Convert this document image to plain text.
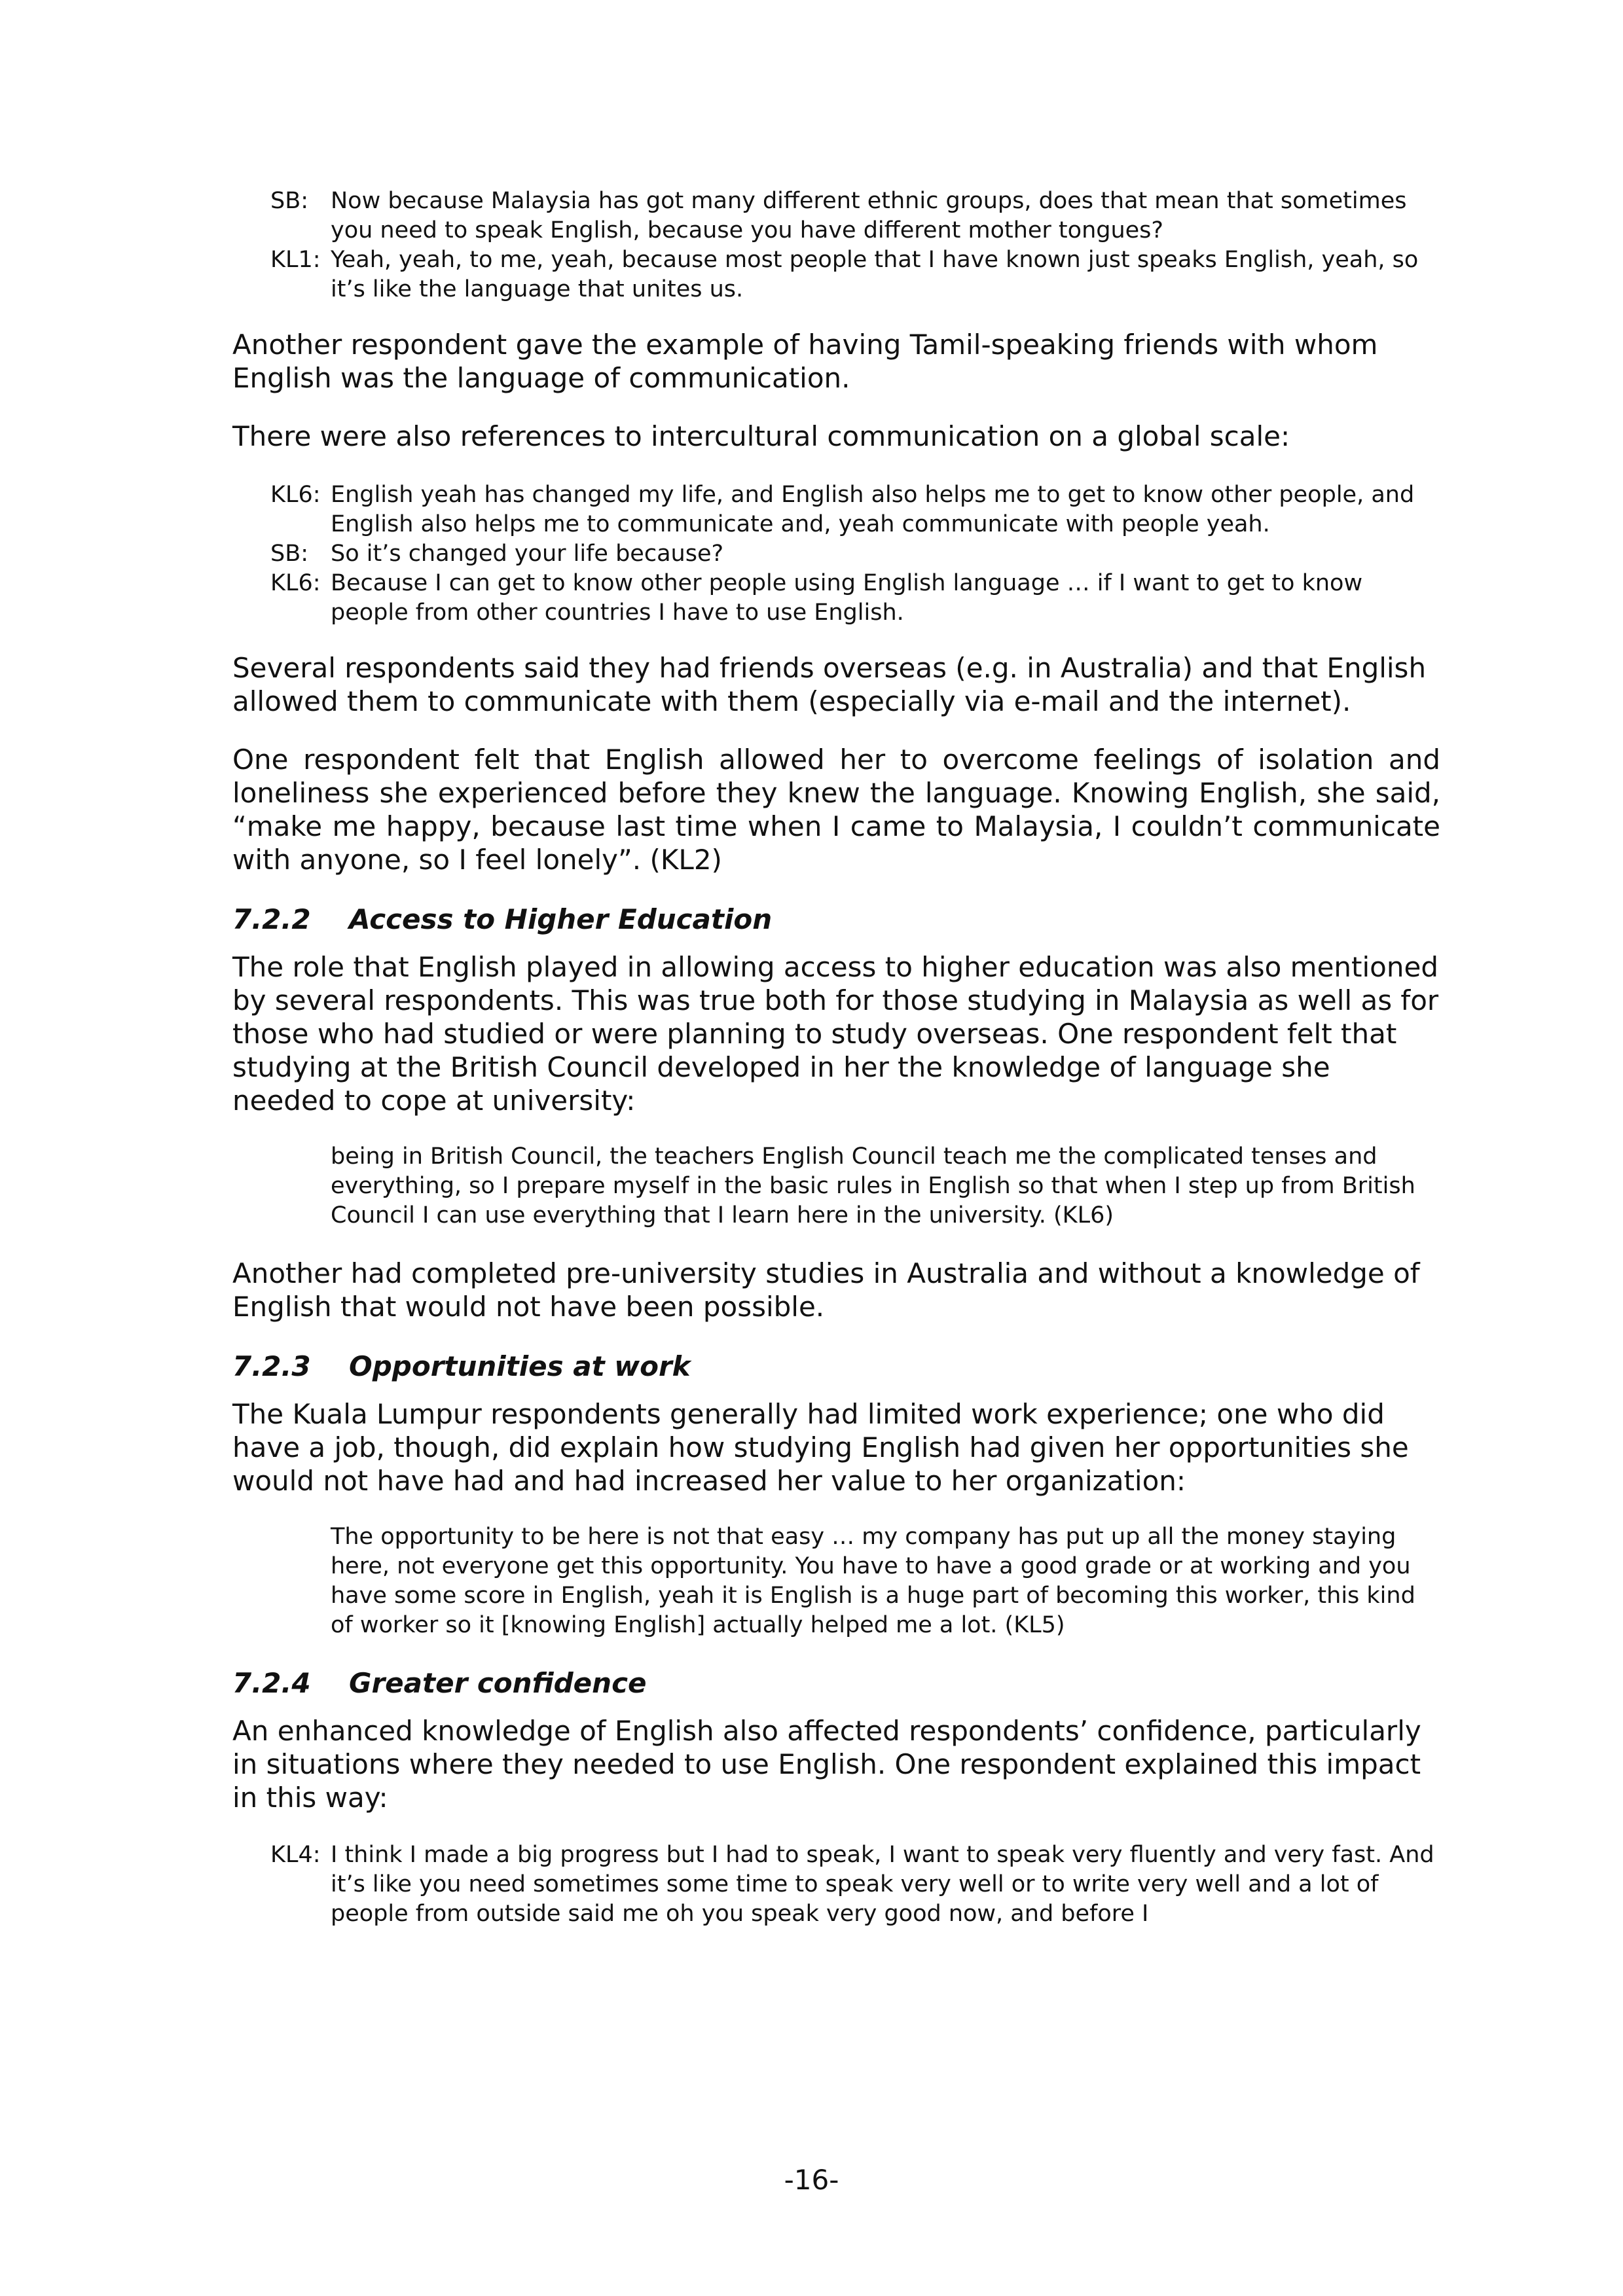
SB: Now because Malaysia has got many different ethnic groups, does that mean that sometimes you need to speak English, because you have different mother tongues?
KL1: Yeah, yeah, to me, yeah, because most people that I have known just speaks English, yeah, so it’s like the language that unites us.

Another respondent gave the example of having Tamil-speaking friends with whom English was the language of communication.

There were also references to intercultural communication on a global scale:

KL6: English yeah has changed my life, and English also helps me to get to know other people, and English also helps me to communicate and, yeah communicate with people yeah.
SB: So it’s changed your life because?
KL6: Because I can get to know other people using English language … if I want to get to know people from other countries I have to use English.

Several respondents said they had friends overseas (e.g. in Australia) and that English allowed them to communicate with them (especially via e-mail and the internet).

One respondent felt that English allowed her to overcome feelings of isolation and loneliness she experienced before they knew the language. Knowing English, she said, “make me happy, because last time when I came to Malaysia, I couldn’t communicate with anyone, so I feel lonely”. (KL2)

7.2.2	Access to Higher Education

The role that English played in allowing access to higher education was also mentioned by several respondents. This was true both for those studying in Malaysia as well as for those who had studied or were planning to study overseas. One respondent felt that studying at the British Council developed in her the knowledge of language she needed to cope at university:

being in British Council, the teachers English Council teach me the complicated tenses and everything, so I prepare myself in the basic rules in English so that when I step up from British Council I can use everything that I learn here in the university. (KL6)

Another had completed pre-university studies in Australia and without a knowledge of English that would not have been possible.

7.2.3	Opportunities at work

The Kuala Lumpur respondents generally had limited work experience; one who did have a job, though, did explain how studying English had given her opportunities she would not have had and had increased her value to her organization:

The opportunity to be here is not that easy … my company has put up all the money staying here, not everyone get this opportunity. You have to have a good grade or at working and you have some score in English, yeah it is English is a huge part of becoming this worker, this kind of worker so it [knowing English] actually helped me a lot. (KL5)
7.2.4	Greater confidence

An enhanced knowledge of English also affected respondents’ confidence, particularly in situations where they needed to use English. One respondent explained this impact in this way:

KL4: I think I made a big progress but I had to speak, I want to speak very fluently and very fast. And it’s like you need sometimes some time to speak very well or to write very well and a lot of people from outside said me oh you speak very good now, and before I
-16-
